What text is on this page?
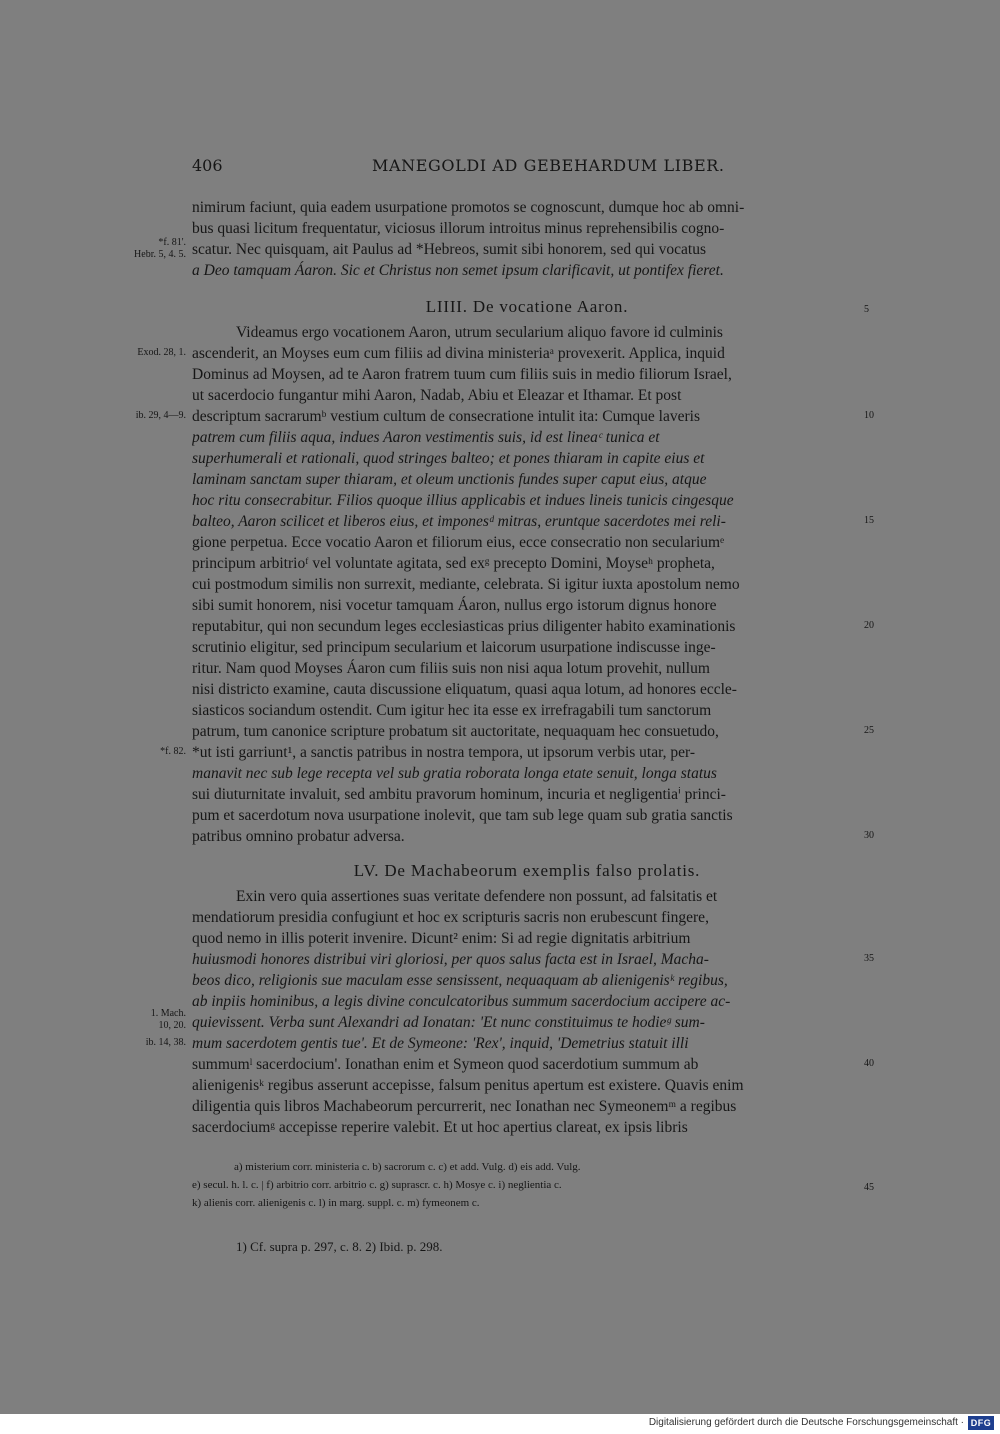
406	MANEGOLDI AD GEBEHARDUM LIBER.
nimirum faciunt, quia eadem usurpatione promotos se cognoscunt, dumque hoc ab omni-
bus quasi licitum frequentatur, viciosus illorum introitus minus reprehensibilis cogno-
scatur. Nec quisquam, ait Paulus ad *Hebreos, sumit sibi honorem, sed qui vocatus
a Deo tamquam Áaron. Sic et Christus non semet ipsum clarificavit, ut pontifex fieret.
LIIII. De vocatione Aaron.
Videamus ergo vocationem Aaron, utrum secularium aliquo favore id culminis
ascenderit, an Moyses eum cum filiis ad divina ministeriaᵃ provexerit. Applica, inquid
Dominus ad Moysen, ad te Aaron fratrem tuum cum filiis suis in medio filiorum Israel,
ut sacerdocio fungantur mihi Aaron, Nadab, Abiu et Eleazar et Ithamar. Et post
descriptum sacrarumᵇ vestium cultum de consecratione intulit ita: Cumque laveris
patrem cum filiis aqua, indues Aaron vestimentis suis, id est lineaᶜ tunica et
superhumerali et rationali, quod stringes balteo; et pones thiaram in capite eius et
laminam sanctam super thiaram, et oleum unctionis fundes super caput eius, atque
hoc ritu consecrabitur. Filios quoque illius applicabis et indues lineis tunicis cingesque
balteo, Aaron scilicet et liberos eius, et imponesᵈ mitras, eruntque sacerdotes mei reli-
gione perpetua. Ecce vocatio Aaron et filiorum eius, ecce consecratio non seculariumᵉ
principum arbitrioᶠ vel voluntate agitata, sed exᵍ precepto Domini, Moyseʰ propheta,
cui postmodum similis non surrexit, mediante, celebrata. Si igitur iuxta apostolum nemo
sibi sumit honorem, nisi vocetur tamquam Áaron, nullus ergo istorum dignus honore
reputabitur, qui non secundum leges ecclesiasticas prius diligenter habito examinationis
scrutinio eligitur, sed principum secularium et laicorum usurpatione indiscusse inge-
ritur. Nam quod Moyses Áaron cum filiis suis non nisi aqua lotum provehit, nullum
nisi districto examine, cauta discussione eliquatum, quasi aqua lotum, ad honores eccle-
siasticos sociandum ostendit. Cum igitur hec ita esse ex irrefragabili tum sanctorum
patrum, tum canonice scripture probatum sit auctoritate, nequaquam hec consuetudo,
*ut isti garriunt¹, a sanctis patribus in nostra tempora, ut ipsorum verbis utar, per-
manavit nec sub lege recepta vel sub gratia roborata longa etate senuit, longa status
sui diuturnitate invaluit, sed ambitu pravorum hominum, incuria et negligentiaⁱ princi-
pum et sacerdotum nova usurpatione inolevit, que tam sub lege quam sub gratia sanctis
patribus omnino probatur adversa.
LV. De Machabeorum exemplis falso prolatis.
Exin vero quia assertiones suas veritate defendere non possunt, ad falsitatis et
mendatiorum presidia confugiunt et hoc ex scripturis sacris non erubescunt fingere,
quod nemo in illis poterit invenire. Dicunt² enim: Si ad regie dignitatis arbitrium
huiusmodi honores distribui viri gloriosi, per quos salus facta est in Israel, Macha-
beos dico, religionis sue maculam esse sensissent, nequaquam ab alienigenisᵏ regibus,
ab inpiis hominibus, a legis divine conculcatoribus summum sacerdocium accipere ac-
quievissent. Verba sunt Alexandri ad Ionatan: 'Et nunc constituimus te hodieᵍ sum-
mum sacerdotem gentis tue'. Et de Symeone: 'Rex', inquid, 'Demetrius statuit illi
summumˡ sacerdocium'. Ionathan enim et Symeon quod sacerdotium summum ab
alienigenisᵏ regibus asserunt accepisse, falsum penitus apertum est existere. Quavis enim
diligentia quis libros Machabeorum percurrerit, nec Ionathan nec Symeonemᵐ a regibus
sacerdociumᵍ accepisse reperire valebit. Et ut hoc apertius clareat, ex ipsis libris
*f. 81'.
Hebr. 5, 4. 5.
Exod. 28, 1.
ib. 29, 4—9.
*f. 82.
1. Mach.
10, 20.
ib. 14, 38.
5
10
15
20
25
30
35
40
45
a) misterium corr. ministeria c. b) sacrorum c. c) et add. Vulg. d) eis add. Vulg.
e) secul. h. l. c. | f) arbitrio corr. arbitrio c. g) suprascr. c. h) Mosye c. i) neglientia c.
k) alienis corr. alienigenis c. l) in marg. suppl. c. m) fymeonem c.
1) Cf. supra p. 297, c. 8. 2) Ibid. p. 298.
Digitalisierung gefördert durch die Deutsche Forschungsgemeinschaft · DFG
